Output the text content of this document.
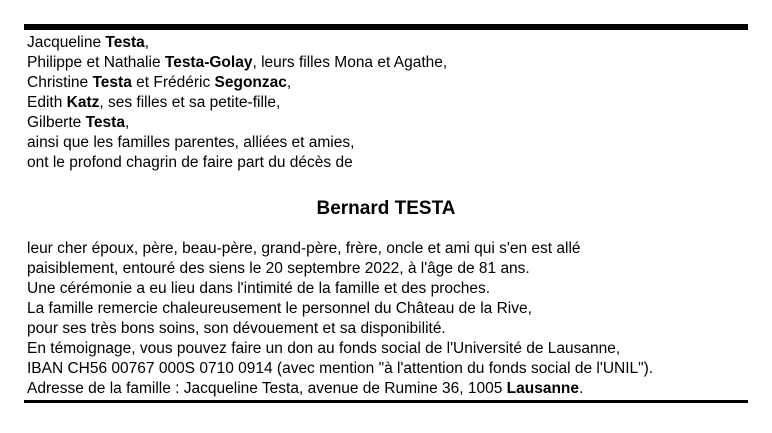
Jacqueline Testa,
Philippe et Nathalie Testa-Golay, leurs filles Mona et Agathe,
Christine Testa et Frédéric Segonzac,
Edith Katz, ses filles et sa petite-fille,
Gilberte Testa,
ainsi que les familles parentes, alliées et amies,
ont le profond chagrin de faire part du décès de
Bernard TESTA
leur cher époux, père, beau-père, grand-père, frère, oncle et ami qui s'en est allé
paisiblement, entouré des siens le 20 septembre 2022, à l'âge de 81 ans.
Une cérémonie a eu lieu dans l'intimité de la famille et des proches.
La famille remercie chaleureusement le personnel du Château de la Rive,
pour ses très bons soins, son dévouement et sa disponibilité.
En témoignage, vous pouvez faire un don au fonds social de l'Université de Lausanne,
IBAN CH56 00767 000S 0710 0914 (avec mention "à l'attention du fonds social de l'UNIL").
Adresse de la famille : Jacqueline Testa, avenue de Rumine 36, 1005 Lausanne.
